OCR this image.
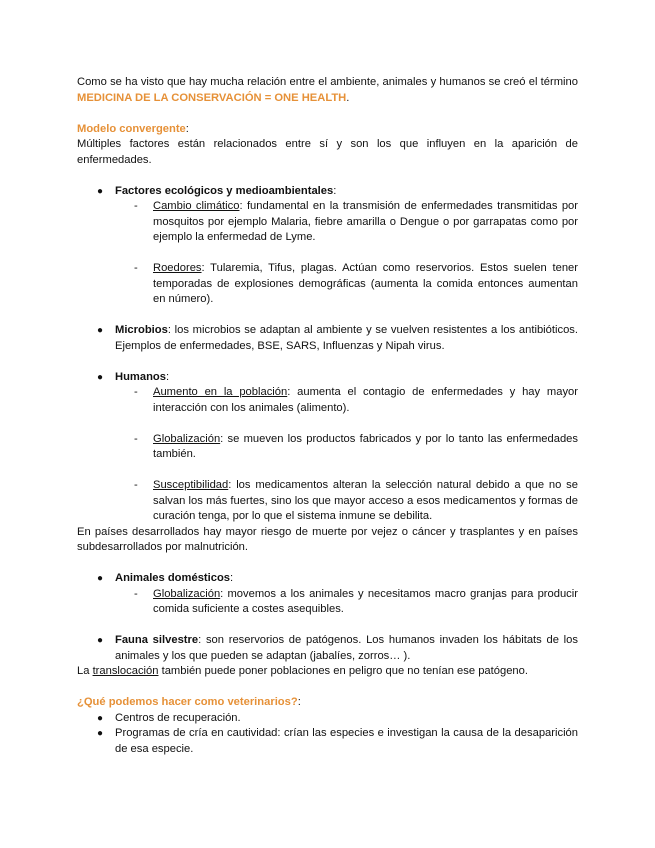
Como se ha visto que hay mucha relación entre el ambiente, animales y humanos se creó el término MEDICINA DE LA CONSERVACIÓN = ONE HEALTH.

Modelo convergente:

Múltiples factores están relacionados entre sí y son los que influyen en la aparición de enfermedades.

● Factores ecológicos y medioambientales:
- Cambio climático: fundamental en la transmisión de enfermedades transmitidas por mosquitos por ejemplo Malaria, fiebre amarilla o Dengue o por garrapatas como por ejemplo la enfermedad de Lyme.
- Roedores: Tularemia, Tifus, plagas. Actúan como reservorios. Estos suelen tener temporadas de explosiones demográficas (aumenta la comida entonces aumentan en número).
● Microbios: los microbios se adaptan al ambiente y se vuelven resistentes a los antibióticos. Ejemplos de enfermedades, BSE, SARS, Influenzas y Nipah virus.
● Humanos:
- Aumento en la población: aumenta el contagio de enfermedades y hay mayor interacción con los animales (alimento).
- Globalización: se mueven los productos fabricados y por lo tanto las enfermedades también.
- Susceptibilidad: los medicamentos alteran la selección natural debido a que no se salvan los más fuertes, sino los que mayor acceso a esos medicamentos y formas de curación tenga, por lo que el sistema inmune se debilita.

En países desarrollados hay mayor riesgo de muerte por vejez o cáncer y trasplantes y en países subdesarrollados por malnutrición.

● Animales domésticos:
- Globalización: movemos a los animales y necesitamos macro granjas para producir comida suficiente a costes asequibles.
● Fauna silvestre: son reservorios de patógenos. Los humanos invaden los hábitats de los animales y los que pueden se adaptan (jabalíes, zorros… ).

La translocación también puede poner poblaciones en peligro que no tenían ese patógeno.

¿Qué podemos hacer como veterinarios?:

● Centros de recuperación.
● Programas de cría en cautividad: crían las especies e investigan la causa de la desaparición de esa especie.
